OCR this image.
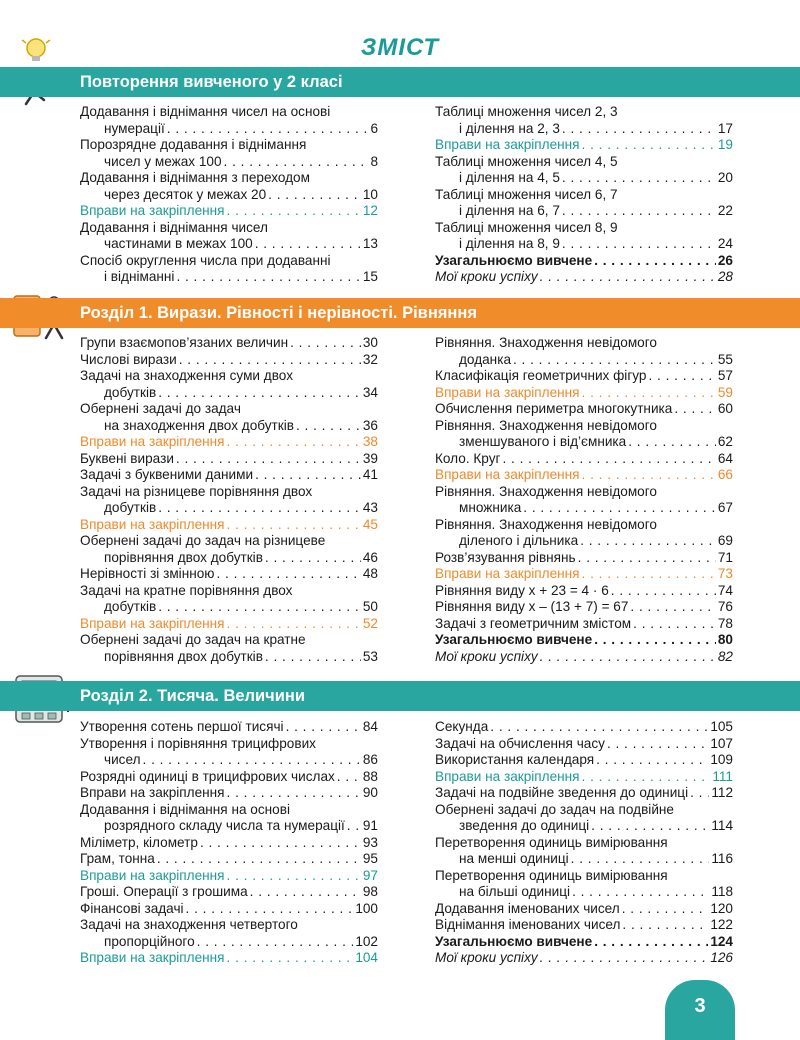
ЗМІСТ
Повторення вивченого у 2 класі
Додавання і віднімання чисел на основі
нумерації . . .	6
Порозрядне додавання і віднімання
чисел у межах 100 . . .	8
Додавання і віднімання з переходом
через десяток у межах 20 . . .	10
Вправи на закріплення . . .	12
Додавання і віднімання чисел
частинами в межах 100 . . .	13
Спосіб округлення числа при додаванні
і відніманні . . .	15
Таблиці множення чисел 2, 3
і ділення на 2, 3 . . .	17
Вправи на закріплення . . .	19
Таблиці множення чисел 4, 5
і ділення на 4, 5 . . .	20
Таблиці множення чисел 6, 7
і ділення на 6, 7 . . .	22
Таблиці множення чисел 8, 9
і ділення на 8, 9 . . .	24
Узагальнюємо вивчене . . .	26
Мої кроки успіху . . .	28
Розділ 1. Вирази. Рівності і нерівності. Рівняння
Групи взаємопов’язаних величин . . .	30
Числові вирази . . .	32
Задачі на знаходження суми двох
добутків . . .	34
Обернені задачі до задач
на знаходження двох добутків . . .	36
Вправи на закріплення . . .	38
Буквені вирази . . .	39
Задачі з буквеними даними . . .	41
Задачі на різницеве порівняння двох
добутків . . .	43
Вправи на закріплення . . .	45
Обернені задачі до задач на різницеве
порівняння двох добутків . . .	46
Нерівності зі змінною . . .	48
Задачі на кратне порівняння двох
добутків . . .	50
Вправи на закріплення . . .	52
Обернені задачі до задач на кратне
порівняння двох добутків . . .	53
Рівняння. Знаходження невідомого
доданка . . .	55
Класифікація геометричних фігур . . .	57
Вправи на закріплення . . .	59
Обчислення периметра многокутника . . .	60
Рівняння. Знаходження невідомого
зменшуваного і від’ємника . . .	62
Коло. Круг . . .	64
Вправи на закріплення . . .	66
Рівняння. Знаходження невідомого
множника . . .	67
Рівняння. Знаходження невідомого
діленого і дільника . . .	69
Розв’язування рівнянь . . .	71
Вправи на закріплення . . .	73
Рівняння виду x + 23 = 4 · 6 . . .	74
Рівняння виду x – (13 + 7) = 67 . . .	76
Задачі з геометричним змістом . . .	78
Узагальнюємо вивчене . . .	80
Мої кроки успіху . . .	82
Розділ 2. Тисяча. Величини
Утворення сотень першої тисячі . . .	84
Утворення і порівняння трицифрових
чисел . . .	86
Розрядні одиниці в трицифрових числах . . . 88
Вправи на закріплення . . .	90
Додавання і віднімання на основі
розрядного складу числа та нумерації . . . 91
Міліметр, кілометр . . .	93
Грам, тонна . . .	95
Вправи на закріплення . . .	97
Гроші. Операції з грошима . . .	98
Фінансові задачі . . .	100
Задачі на знаходження четвертого
пропорційного . . .	102
Вправи на закріплення . . .	104
Секунда . . .	105
Задачі на обчислення часу . . .	107
Використання календаря . . .	109
Вправи на закріплення . . .	111
Задачі на подвійне зведення до одиниці . . . 112
Обернені задачі до задач на подвійне
зведення до одиниці . . .	114
Перетворення одиниць вимірювання
на менші одиниці . . .	116
Перетворення одиниць вимірювання
на більші одиниці . . .	118
Додавання іменованих чисел . . .	120
Віднімання іменованих чисел . . .	122
Узагальнюємо вивчене . . .	124
Мої кроки успіху . . .	126
3
